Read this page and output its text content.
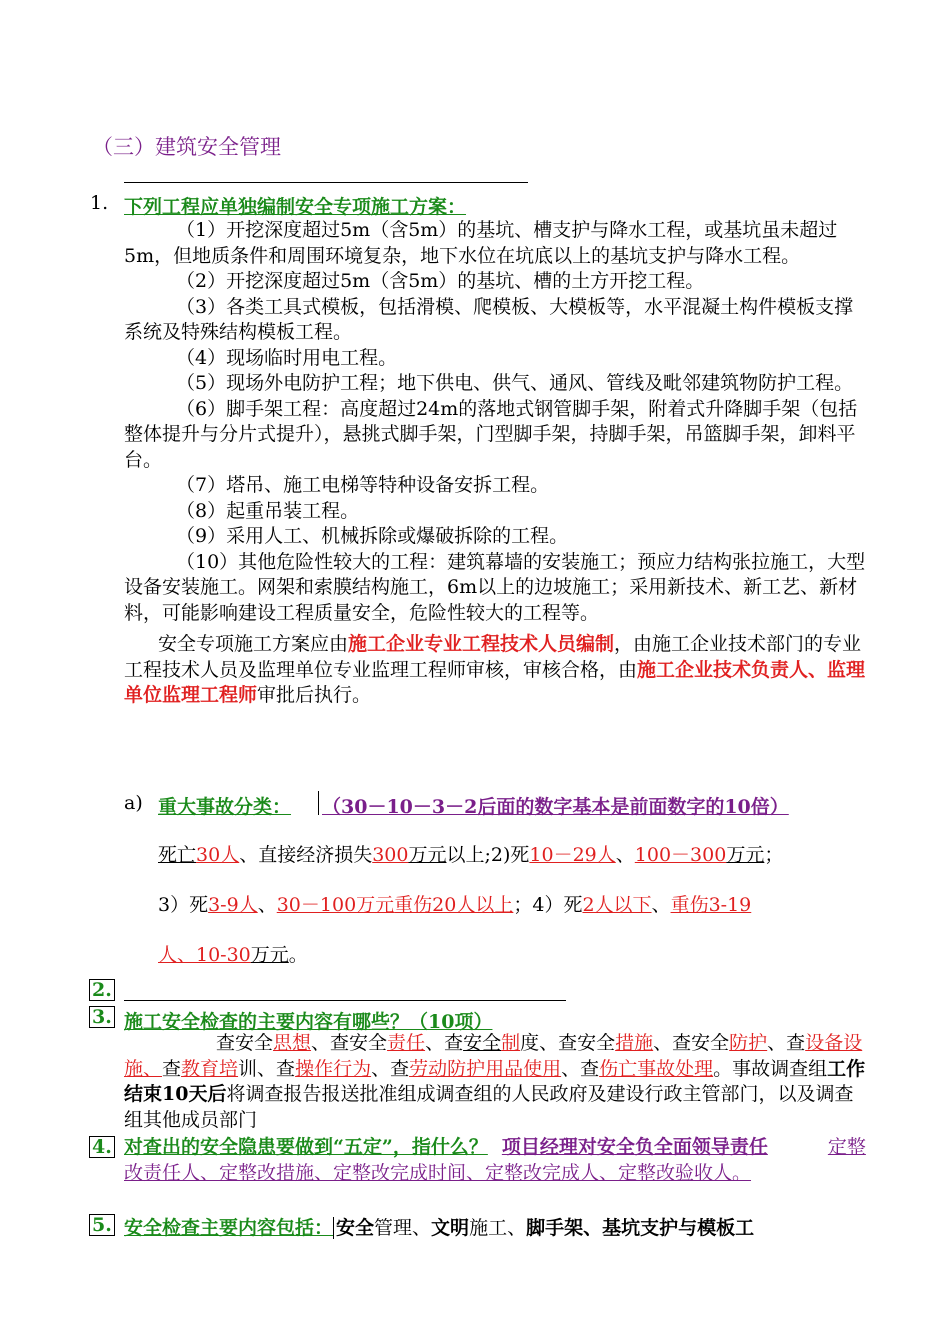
（三）建筑安全管理
1. 下列工程应单独编制安全专项施工方案：
（1）开挖深度超过5m（含5m）的基坑、槽支护与降水工程，或基坑虽未超过5m，但地质条件和周围环境复杂，地下水位在坑底以上的基坑支护与降水工程。
（2）开挖深度超过5m（含5m）的基坑、槽的土方开挖工程。
（3）各类工具式模板，包括滑模、爬模板、大模板等，水平混凝土构件模板支撑系统及特殊结构模板工程。
（4）现场临时用电工程。
（5）现场外电防护工程；地下供电、供气、通风、管线及毗邻建筑物防护工程。
（6）脚手架工程：高度超过24m的落地式钢管脚手架，附着式升降脚手架（包括整体提升与分片式提升），悬挑式脚手架，门型脚手架，持脚手架，吊篮脚手架，卸料平台。
（7）塔吊、施工电梯等特种设备安拆工程。
（8）起重吊装工程。
（9）采用人工、机械拆除或爆破拆除的工程。
（10）其他危险性较大的工程：建筑幕墙的安装施工；预应力结构张拉施工，大型设备安装施工。网架和索膜结构施工，6m以上的边坡施工；采用新技术、新工艺、新材料，可能影响建设工程质量安全，危险性较大的工程等。
安全专项施工方案应由施工企业专业工程技术人员编制，由施工企业技术部门的专业工程技术人员及监理单位专业监理工程师审核，审核合格，由施工企业技术负责人、监理单位监理工程师审批后执行。
a) 重大事故分类： （30－10－3－2后面的数字基本是前面数字的10倍）
死亡30人、直接经济损失300万元以上;2)死10－29人、100－300万元；
3）死3-9人、30－100万元重伤20人以上；4）死2人以下、重伤3-19
人、10-30万元。
2.
3. 施工安全检查的主要内容有哪些？（10项）
查安全思想、查安全责任、查安全制度、查安全措施、查安全防护、查设备设施、查教育培训、查操作行为、查劳动防护用品使用、查伤亡事故处理。事故调查组工作结束10天后将调查报告报送批准组成调查组的人民政府及建设行政主管部门，以及调查组其他成员部门
4. 对查出的安全隐患要做到“五定”，指什么？ 项目经理对安全负全面领导责任	定整改责任人、定整改措施、定整改完成时间、定整改完成人、定整改验收人。
5. 安全检查主要内容包括： 安全管理、文明施工、脚手架、基坑支护与模板工
